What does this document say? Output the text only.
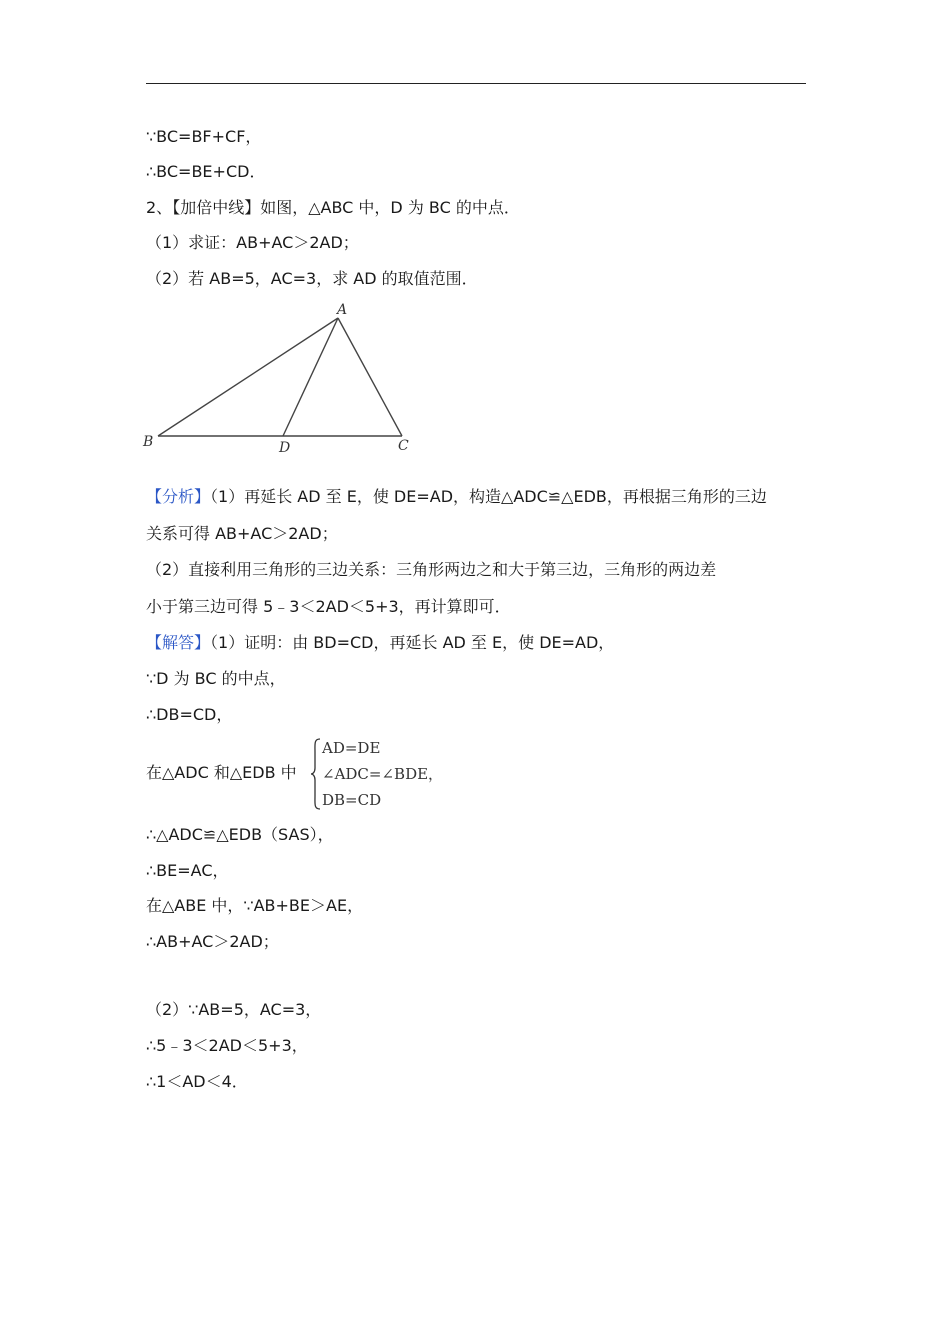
∵BC=BF+CF，
∴BC=BE+CD．
2、【加倍中线】如图，△ABC 中，D 为 BC 的中点．
（1）求证：AB+AC＞2AD；
（2）若 AB=5，AC=3，求 AD 的取值范围．
A
B	D	C
【分析】（1）再延长 AD 至 E，使 DE=AD，构造△ADC≌△EDB，再根据三角形的三边
关系可得 AB+AC＞2AD；
（2）直接利用三角形的三边关系：三角形两边之和大于第三边，三角形的两边差
小于第三边可得 5﹣3＜2AD＜5+3，再计算即可．
【解答】（1）证明：由 BD=CD，再延长 AD 至 E，使 DE=AD，
∵D 为 BC 的中点，
∴DB=CD，
在△ADC 和△EDB 中
AD=DE
∠ADC=∠BDE，
DB=CD
∴△ADC≌△EDB（SAS），
∴BE=AC，
在△ABE 中，∵AB+BE＞AE，
∴AB+AC＞2AD；
（2）∵AB=5，AC=3，
∴5﹣3＜2AD＜5+3，
∴1＜AD＜4．
